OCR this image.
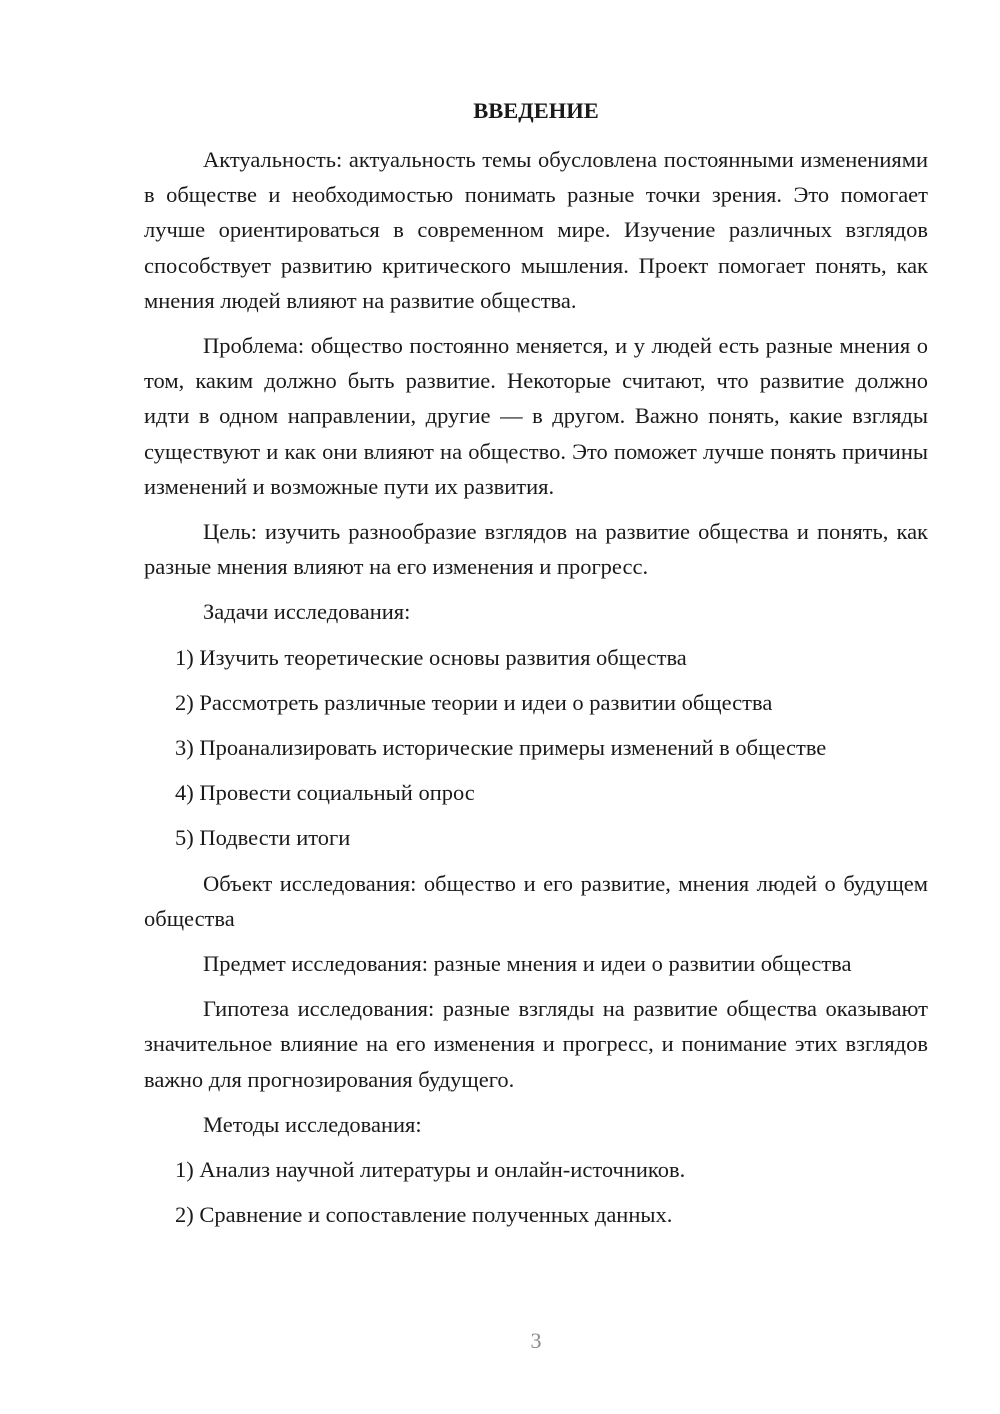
ВВЕДЕНИЕ

Актуальность: актуальность темы обусловлена постоянными изменениями в обществе и необходимостью понимать разные точки зрения. Это помогает лучше ориентироваться в современном мире. Изучение различных взглядов способствует развитию критического мышления. Проект помогает понять, как мнения людей влияют на развитие общества.

Проблема: общество постоянно меняется, и у людей есть разные мнения о том, каким должно быть развитие. Некоторые считают, что развитие должно идти в одном направлении, другие — в другом. Важно понять, какие взгляды существуют и как они влияют на общество. Это поможет лучше понять причины изменений и возможные пути их развития.

Цель: изучить разнообразие взглядов на развитие общества и понять, как разные мнения влияют на его изменения и прогресс.

Задачи исследования:

1) Изучить теоретические основы развития общества

2) Рассмотреть различные теории и идеи о развитии общества

3) Проанализировать исторические примеры изменений в обществе

4) Провести социальный опрос

5) Подвести итоги

Объект исследования: общество и его развитие, мнения людей о будущем общества

Предмет исследования: разные мнения и идеи о развитии общества

Гипотеза исследования: разные взгляды на развитие общества оказывают значительное влияние на его изменения и прогресс, и понимание этих взглядов важно для прогнозирования будущего.

Методы исследования:

1) Анализ научной литературы и онлайн-источников.

2) Сравнение и сопоставление полученных данных.

3
